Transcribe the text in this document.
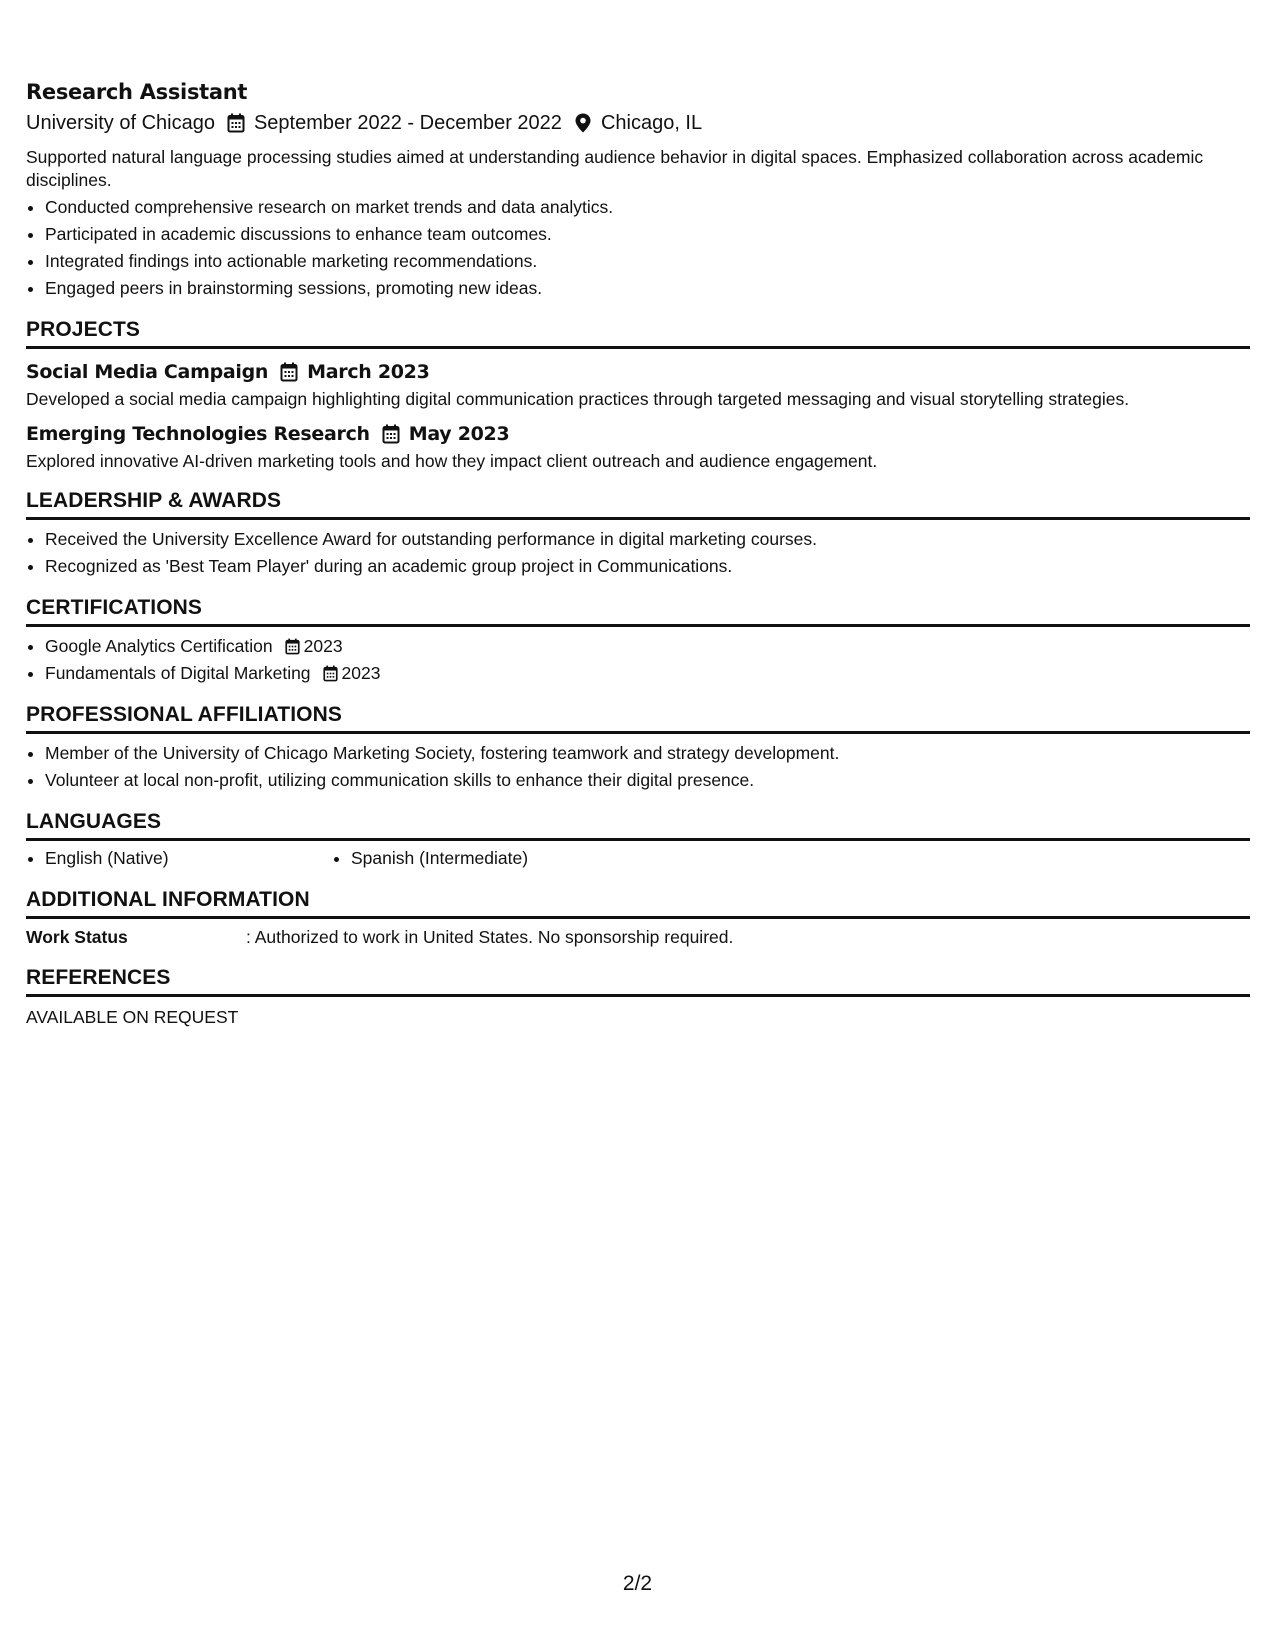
Research Assistant
University of Chicago September 2022 - December 2022 Chicago, IL
Supported natural language processing studies aimed at understanding audience behavior in digital spaces. Emphasized collaboration across academic disciplines.
• Conducted comprehensive research on market trends and data analytics.
• Participated in academic discussions to enhance team outcomes.
• Integrated findings into actionable marketing recommendations.
• Engaged peers in brainstorming sessions, promoting new ideas.
PROJECTS
Social Media Campaign March 2023
Developed a social media campaign highlighting digital communication practices through targeted messaging and visual storytelling strategies.
Emerging Technologies Research May 2023
Explored innovative AI-driven marketing tools and how they impact client outreach and audience engagement.
LEADERSHIP & AWARDS
• Received the University Excellence Award for outstanding performance in digital marketing courses.
• Recognized as 'Best Team Player' during an academic group project in Communications.
CERTIFICATIONS
• Google Analytics Certification 2023
• Fundamentals of Digital Marketing 2023
PROFESSIONAL AFFILIATIONS
• Member of the University of Chicago Marketing Society, fostering teamwork and strategy development.
• Volunteer at local non-profit, utilizing communication skills to enhance their digital presence.
LANGUAGES
• English (Native)
•	Spanish (Intermediate)
ADDITIONAL INFORMATION
Work Status	: Authorized to work in United States. No sponsorship required.
REFERENCES
AVAILABLE ON REQUEST
2/2
